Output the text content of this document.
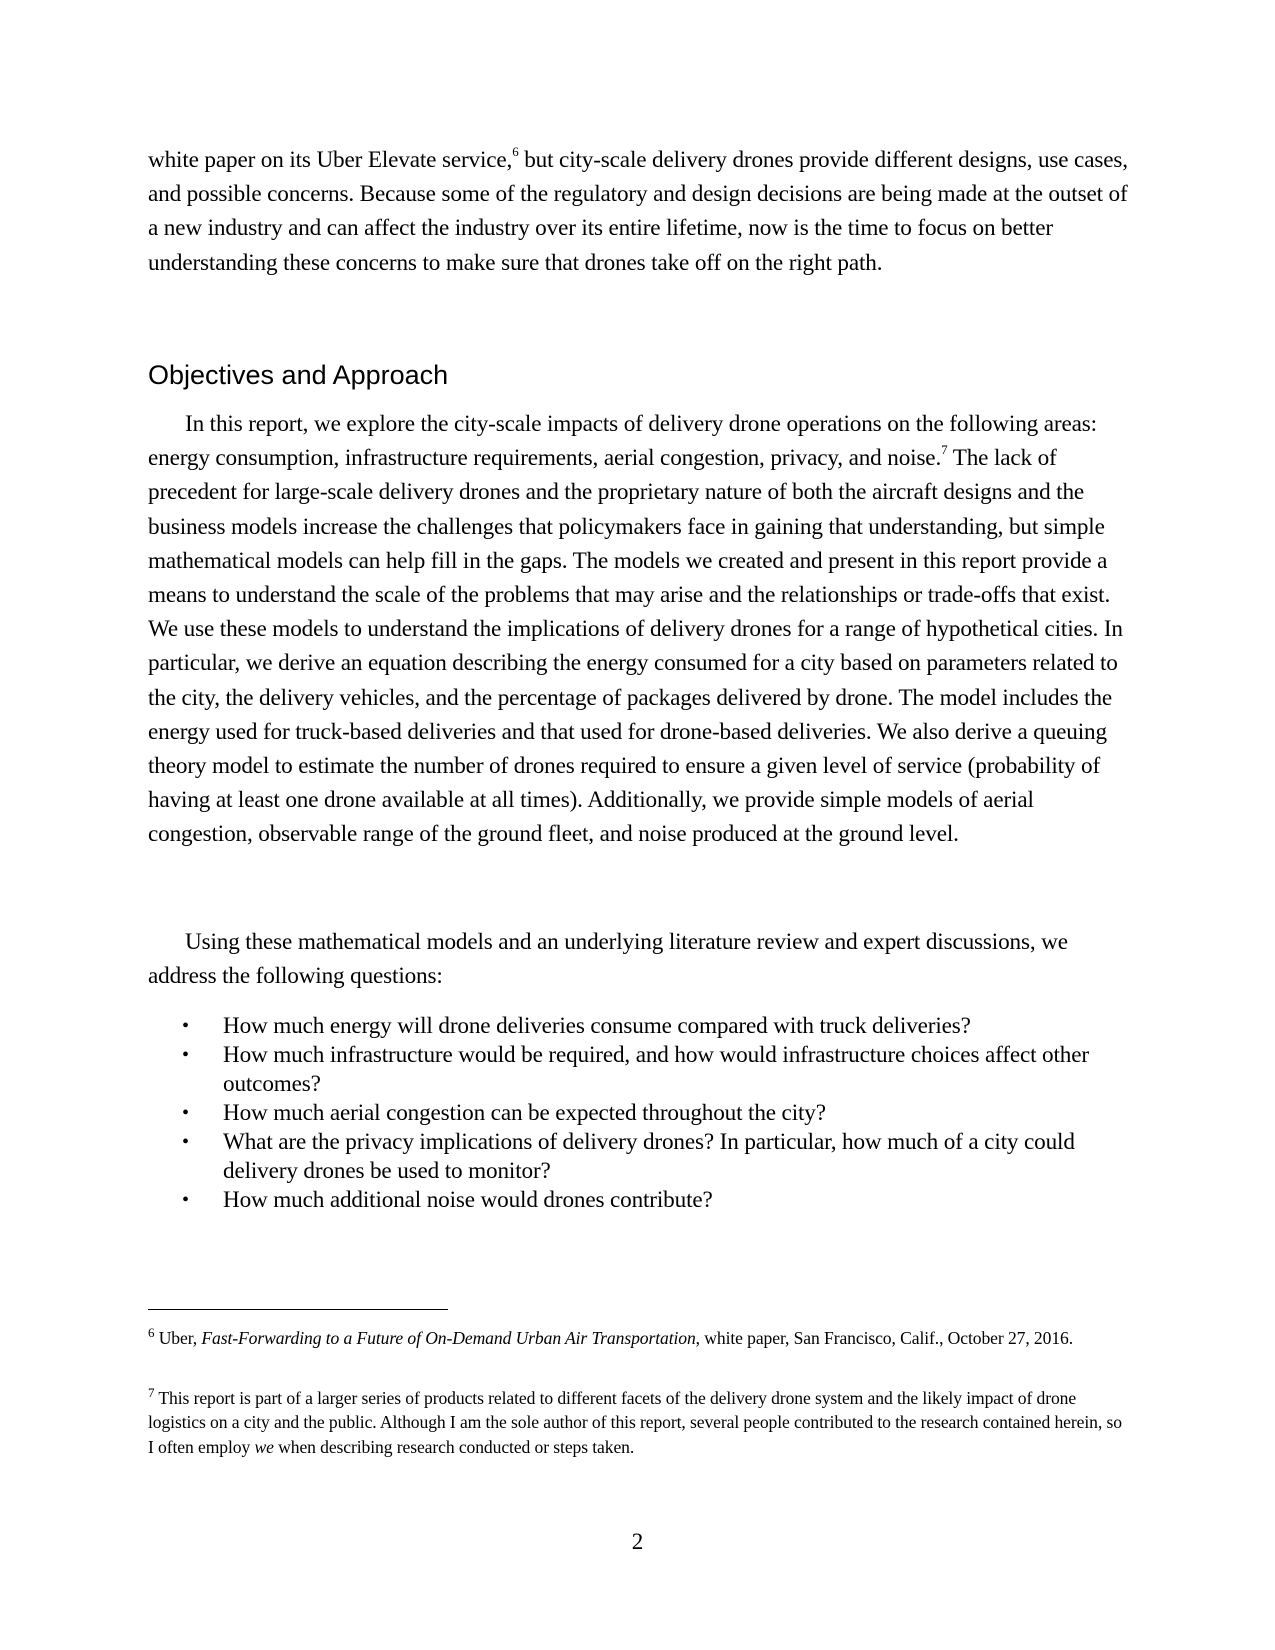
white paper on its Uber Elevate service,$^6$ but city-scale delivery drones provide different designs, use cases, and possible concerns. Because some of the regulatory and design decisions are being made at the outset of a new industry and can affect the industry over its entire lifetime, now is the time to focus on better understanding these concerns to make sure that drones take off on the right path.

Objectives and Approach

In this report, we explore the city-scale impacts of delivery drone operations on the following areas: energy consumption, infrastructure requirements, aerial congestion, privacy, and noise.$^7$ The lack of precedent for large-scale delivery drones and the proprietary nature of both the aircraft designs and the business models increase the challenges that policymakers face in gaining that understanding, but simple mathematical models can help fill in the gaps. The models we created and present in this report provide a means to understand the scale of the problems that may arise and the relationships or trade-offs that exist. We use these models to understand the implications of delivery drones for a range of hypothetical cities. In particular, we derive an equation describing the energy consumed for a city based on parameters related to the city, the delivery vehicles, and the percentage of packages delivered by drone. The model includes the energy used for truck-based deliveries and that used for drone-based deliveries. We also derive a queuing theory model to estimate the number of drones required to ensure a given level of service (probability of having at least one drone available at all times). Additionally, we provide simple models of aerial congestion, observable range of the ground fleet, and noise produced at the ground level.

Using these mathematical models and an underlying literature review and expert discussions, we address the following questions:

• How much energy will drone deliveries consume compared with truck deliveries?
• How much infrastructure would be required, and how would infrastructure choices affect other outcomes?
• How much aerial congestion can be expected throughout the city?
• What are the privacy implications of delivery drones? In particular, how much of a city could delivery drones be used to monitor?
• How much additional noise would drones contribute?

$^6$ Uber, Fast-Forwarding to a Future of On-Demand Urban Air Transportation, white paper, San Francisco, Calif., October 27, 2016.

$^7$ This report is part of a larger series of products related to different facets of the delivery drone system and the likely impact of drone logistics on a city and the public. Although I am the sole author of this report, several people contributed to the research contained herein, so I often employ we when describing research conducted or steps taken.

2
